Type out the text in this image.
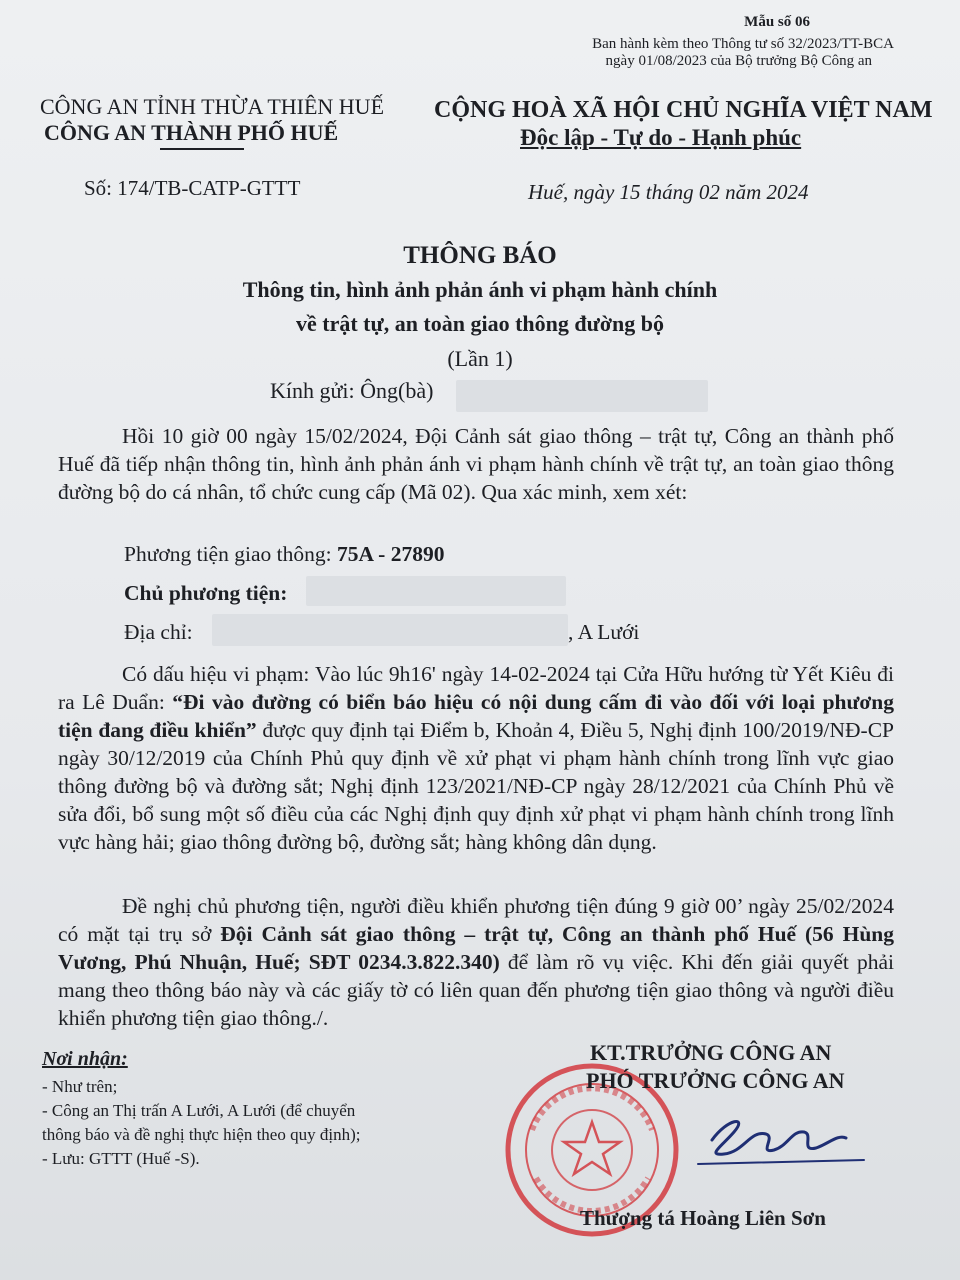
Mẫu số 06
Ban hành kèm theo Thông tư số 32/2023/TT-BCA
ngày 01/08/2023 của Bộ trưởng Bộ Công an
CÔNG AN TỈNH THỪA THIÊN HUẾ
CÔNG AN THÀNH PHỐ HUẾ
CỘNG HOÀ XÃ HỘI CHỦ NGHĨA VIỆT NAM
Độc lập - Tự do - Hạnh phúc
Số: 174/TB-CATP-GTTT	Huế, ngày 15 tháng 02 năm 2024
THÔNG BÁO
Thông tin, hình ảnh phản ánh vi phạm hành chính
về trật tự, an toàn giao thông đường bộ
(Lần 1)
Kính gửi: Ông(bà)
Hồi 10 giờ 00 ngày 15/02/2024, Đội Cảnh sát giao thông – trật tự, Công an thành phố Huế đã tiếp nhận thông tin, hình ảnh phản ánh vi phạm hành chính về trật tự, an toàn giao thông đường bộ do cá nhân, tổ chức cung cấp (Mã 02). Qua xác minh, xem xét:
Phương tiện giao thông: 75A - 27890
Chủ phương tiện:
Địa chỉ:	, A Lưới
Có dấu hiệu vi phạm: Vào lúc 9h16' ngày 14-02-2024 tại Cửa Hữu hướng từ Yết Kiêu đi ra Lê Duẩn: “Đi vào đường có biển báo hiệu có nội dung cấm đi vào đối với loại phương tiện đang điều khiển” được quy định tại Điểm b, Khoản 4, Điều 5, Nghị định 100/2019/NĐ-CP ngày 30/12/2019 của Chính Phủ quy định về xử phạt vi phạm hành chính trong lĩnh vực giao thông đường bộ và đường sắt; Nghị định 123/2021/NĐ-CP ngày 28/12/2021 của Chính Phủ về sửa đổi, bổ sung một số điều của các Nghị định quy định xử phạt vi phạm hành chính trong lĩnh vực hàng hải; giao thông đường bộ, đường sắt; hàng không dân dụng.
Đề nghị chủ phương tiện, người điều khiển phương tiện đúng 9 giờ 00’ ngày 25/02/2024 có mặt tại trụ sở Đội Cảnh sát giao thông – trật tự, Công an thành phố Huế (56 Hùng Vương, Phú Nhuận, Huế; SĐT 0234.3.822.340) để làm rõ vụ việc. Khi đến giải quyết phải mang theo thông báo này và các giấy tờ có liên quan đến phương tiện giao thông và người điều khiển phương tiện giao thông./.
Nơi nhận:
- Như trên;
- Công an Thị trấn A Lưới, A Lưới (để chuyển
thông báo và đề nghị thực hiện theo quy định);
- Lưu: GTTT (Huế -S).
KT.TRƯỞNG CÔNG AN
PHÓ TRƯỞNG CÔNG AN
Thượng tá Hoàng Liên Sơn
